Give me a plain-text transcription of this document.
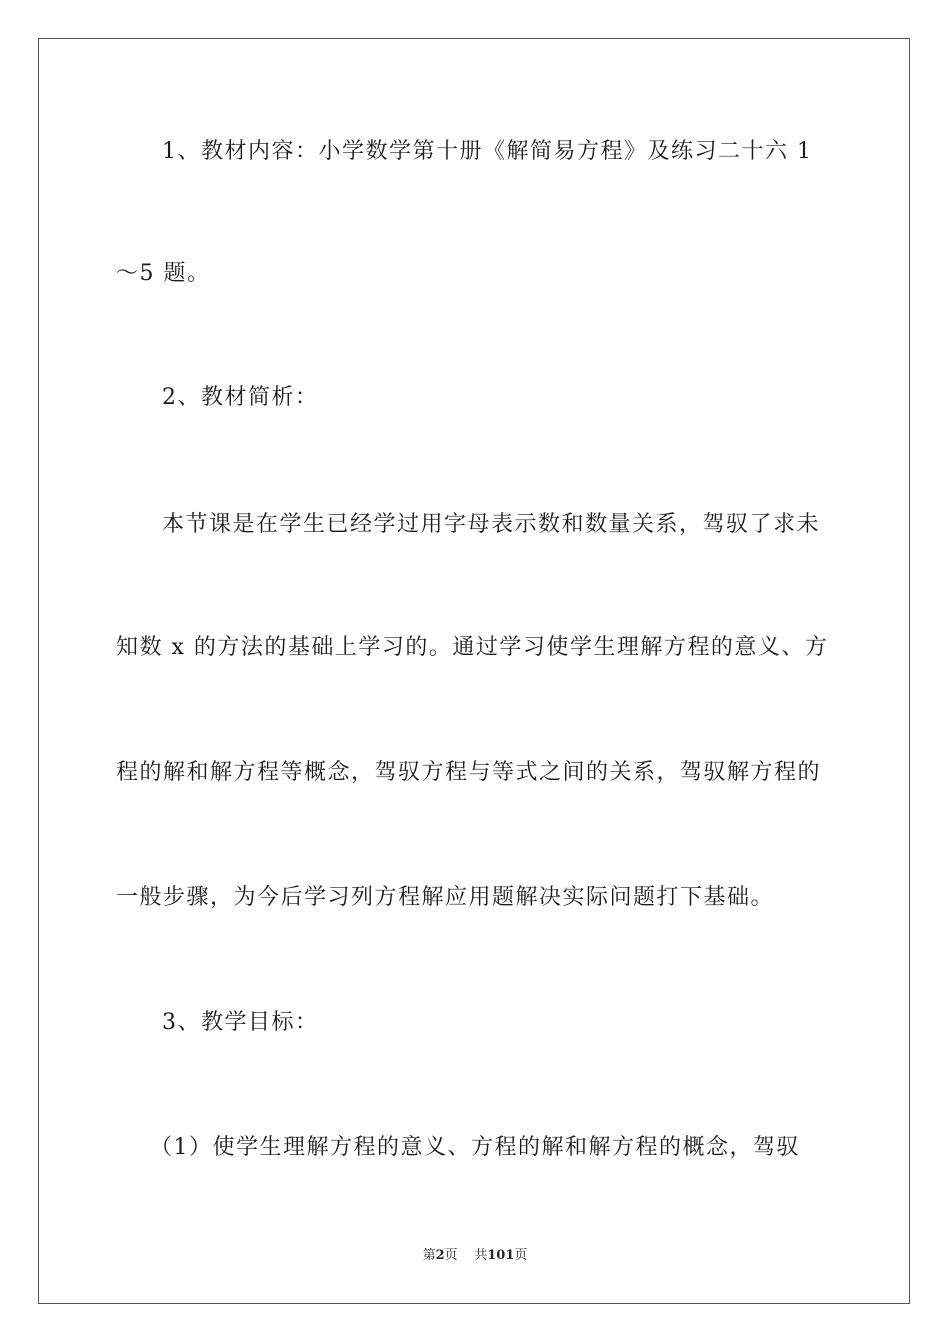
1、教材内容：小学数学第十册《解简易方程》及练习二十六 1
～5 题。
2、教材简析：
本节课是在学生已经学过用字母表示数和数量关系，驾驭了求未
知数 x 的方法的基础上学习的。通过学习使学生理解方程的意义、方
程的解和解方程等概念，驾驭方程与等式之间的关系，驾驭解方程的
一般步骤，为今后学习列方程解应用题解决实际问题打下基础。
3、教学目标：
（1）使学生理解方程的意义、方程的解和解方程的概念，驾驭
第2页 共101页
